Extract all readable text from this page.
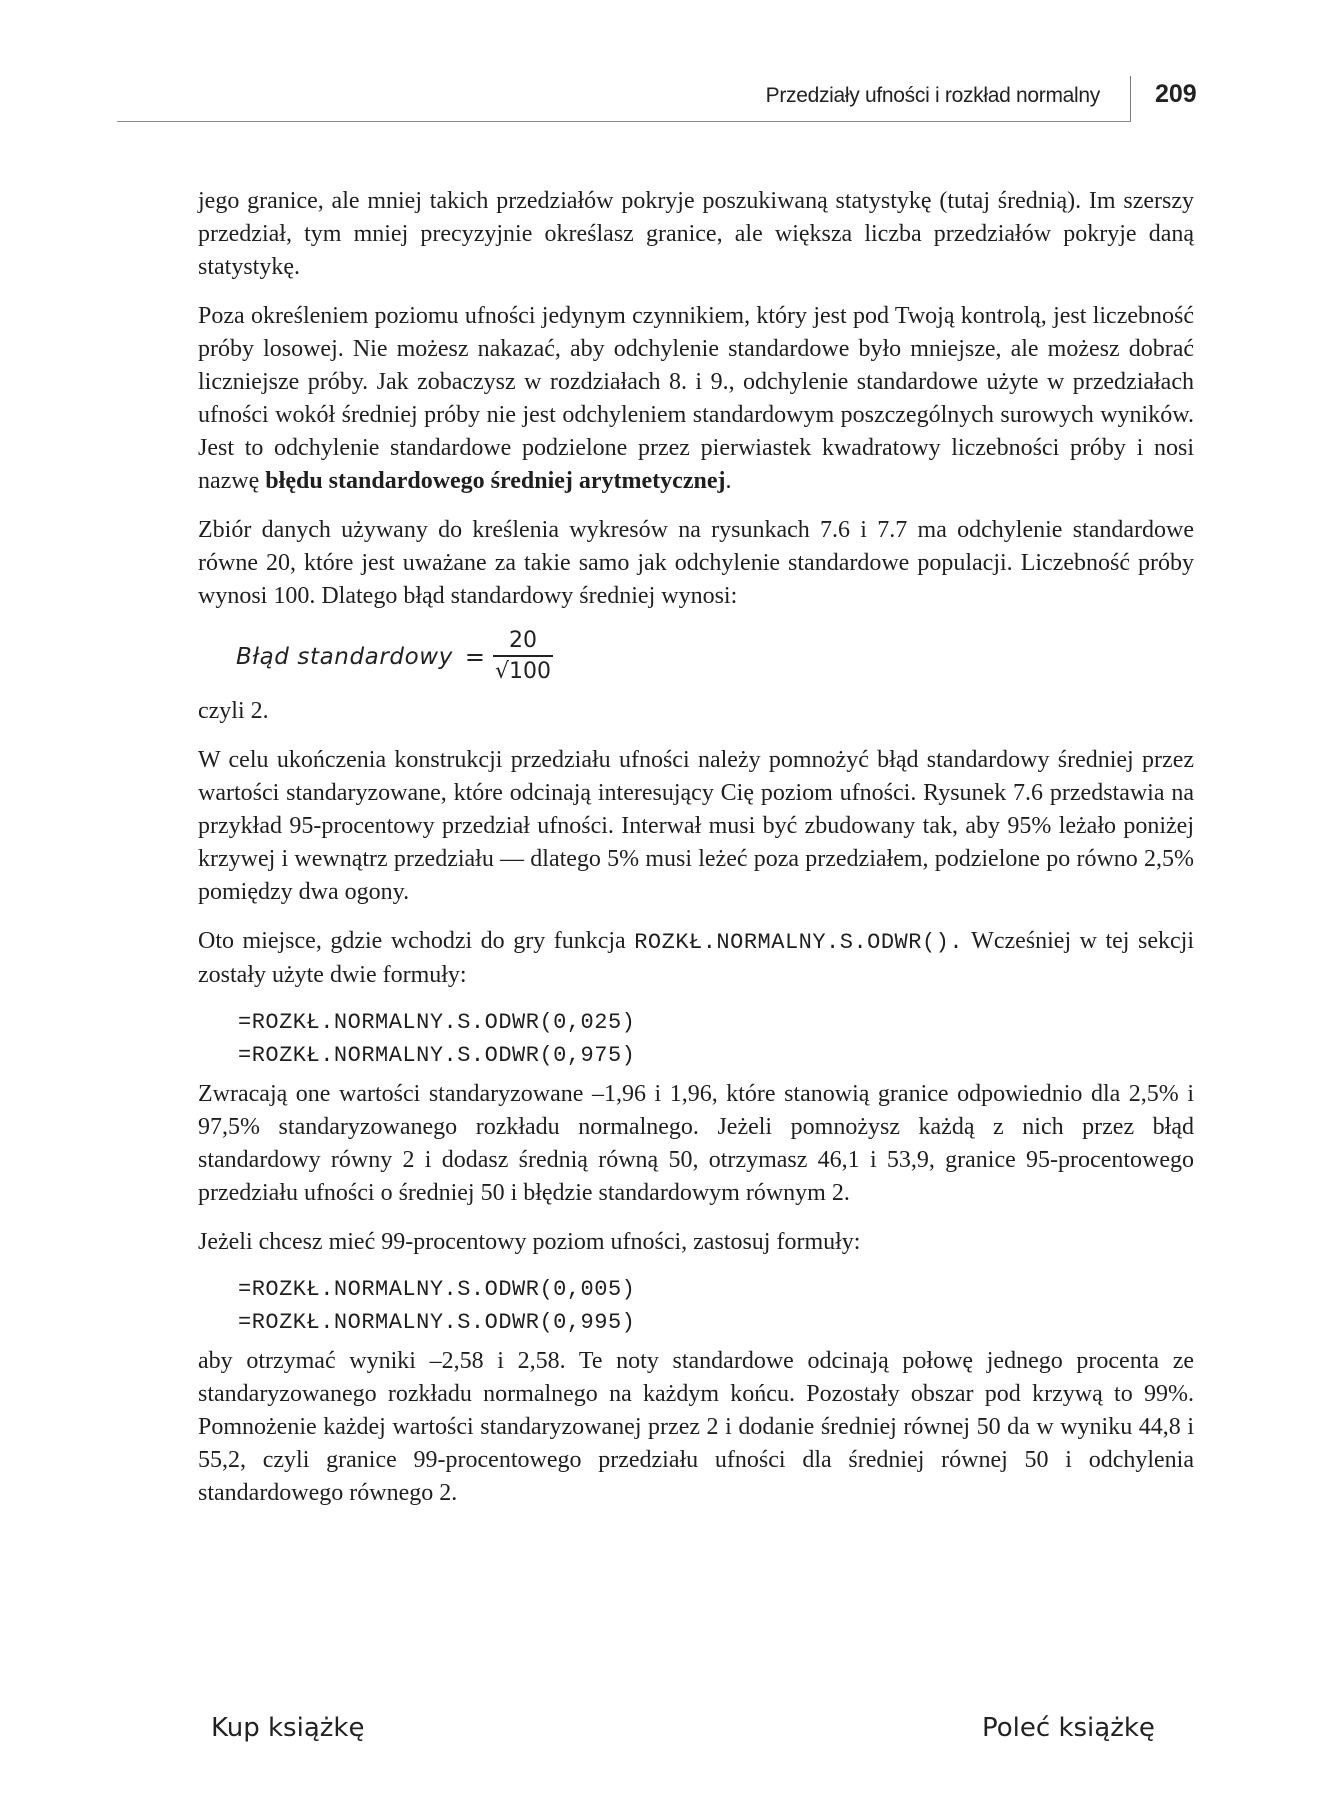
Przedziały ufności i rozkład normalny 209

jego granice, ale mniej takich przedziałów pokryje poszukiwaną statystykę (tutaj średnią). Im szerszy przedział, tym mniej precyzyjnie określasz granice, ale większa liczba przedziałów pokryje daną statystykę.

Poza określeniem poziomu ufności jedynym czynnikiem, który jest pod Twoją kontrolą, jest liczebność próby losowej. Nie możesz nakazać, aby odchylenie standardowe było mniejsze, ale możesz dobrać liczniejsze próby. Jak zobaczysz w rozdziałach 8. i 9., odchylenie standardowe użyte w przedziałach ufności wokół średniej próby nie jest odchyleniem standardowym poszczególnych surowych wyników. Jest to odchylenie standardowe podzielone przez pierwiastek kwadratowy liczebności próby i nosi nazwę błędu standardowego średniej arytmetycznej.

Zbiór danych używany do kreślenia wykresów na rysunkach 7.6 i 7.7 ma odchylenie standardowe równe 20, które jest uważane za takie samo jak odchylenie standardowe populacji. Liczebność próby wynosi 100. Dlatego błąd standardowy średniej wynosi:

Błąd standardowy = $\frac{20}{√100}$

czyli 2.

W celu ukończenia konstrukcji przedziału ufności należy pomnożyć błąd standardowy średniej przez wartości standaryzowane, które odcinają interesujący Cię poziom ufności. Rysunek 7.6 przedstawia na przykład 95-procentowy przedział ufności. Interwał musi być zbudowany tak, aby 95% leżało poniżej krzywej i wewnątrz przedziału — dlatego 5% musi leżeć poza przedziałem, podzielone po równo 2,5% pomiędzy dwa ogony.

Oto miejsce, gdzie wchodzi do gry funkcja ROZKŁ.NORMALNY.S.ODWR(). Wcześniej w tej sekcji zostały użyte dwie formuły:

=ROZKŁ.NORMALNY.S.ODWR(0,025)
=ROZKŁ.NORMALNY.S.ODWR(0,975)

Zwracają one wartości standaryzowane –1,96 i 1,96, które stanowią granice odpowiednio dla 2,5% i 97,5% standaryzowanego rozkładu normalnego. Jeżeli pomnożysz każdą z nich przez błąd standardowy równy 2 i dodasz średnią równą 50, otrzymasz 46,1 i 53,9, granice 95-procentowego przedziału ufności o średniej 50 i błędzie standardowym równym 2.

Jeżeli chcesz mieć 99-procentowy poziom ufności, zastosuj formuły:

=ROZKŁ.NORMALNY.S.ODWR(0,005)
=ROZKŁ.NORMALNY.S.ODWR(0,995)

aby otrzymać wyniki –2,58 i 2,58. Te noty standardowe odcinają połowę jednego procenta ze standaryzowanego rozkładu normalnego na każdym końcu. Pozostały obszar pod krzywą to 99%. Pomnożenie każdej wartości standaryzowanej przez 2 i dodanie średniej równej 50 da w wyniku 44,8 i 55,2, czyli granice 99-procentowego przedziału ufności dla średniej równej 50 i odchylenia standardowego równego 2.

Kup książkę	Poleć książkę
